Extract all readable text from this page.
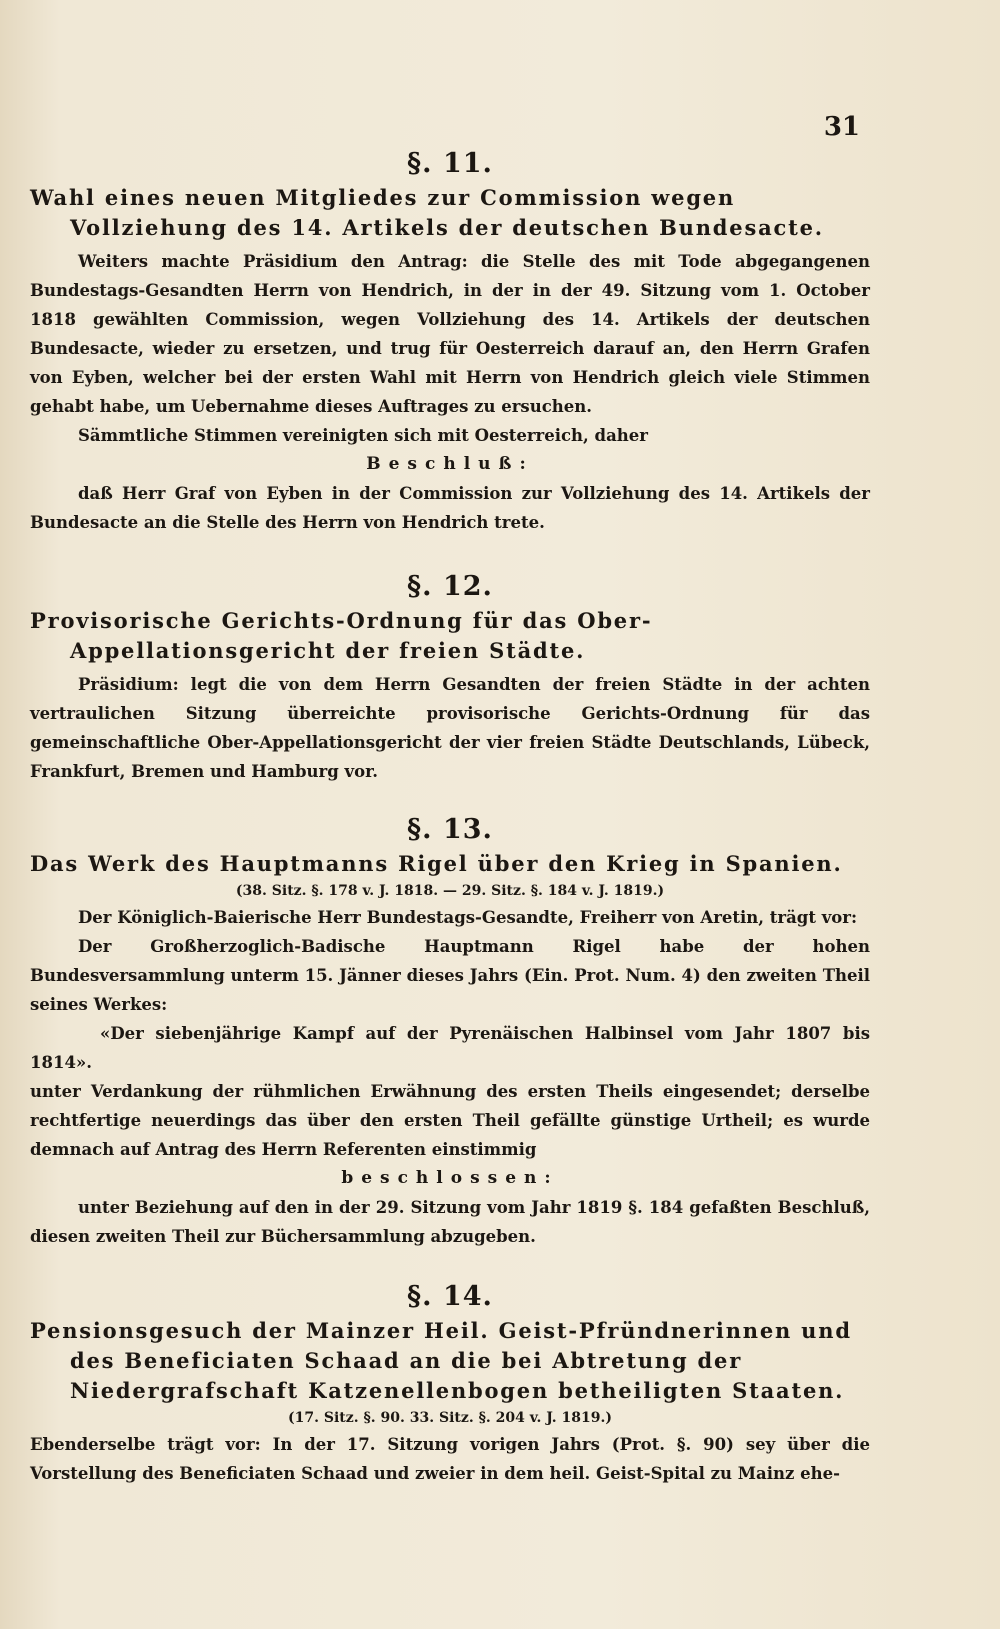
31
§. 11.
Wahl eines neuen Mitgliedes zur Commission wegen Vollziehung des 14. Artikels der deutschen Bundesacte.

Weiters machte Präsidium den Antrag: die Stelle des mit Tode abgegangenen Bundestags-Gesandten Herrn von Hendrich, in der in der 49. Sitzung vom 1. October 1818 gewählten Commission, wegen Vollziehung des 14. Artikels der deutschen Bundesacte, wieder zu ersetzen, und trug für Oesterreich darauf an, den Herrn Grafen von Eyben, welcher bei der ersten Wahl mit Herrn von Hendrich gleich viele Stimmen gehabt habe, um Uebernahme dieses Auftrages zu ersuchen.

Sämmtliche Stimmen vereinigten sich mit Oesterreich, daher

Beschluß:

daß Herr Graf von Eyben in der Commission zur Vollziehung des 14. Artikels der Bundesacte an die Stelle des Herrn von Hendrich trete.

§. 12.
Provisorische Gerichts-Ordnung für das Ober-Appellationsgericht der freien Städte.

Präsidium: legt die von dem Herrn Gesandten der freien Städte in der achten vertraulichen Sitzung überreichte provisorische Gerichts-Ordnung für das gemeinschaftliche Ober-Appellationsgericht der vier freien Städte Deutschlands, Lübeck, Frankfurt, Bremen und Hamburg vor.

§. 13.
Das Werk des Hauptmanns Rigel über den Krieg in Spanien.
(38. Sitz. §. 178 v. J. 1818. — 29. Sitz. §. 184 v. J. 1819.)

Der Königlich-Baierische Herr Bundestags-Gesandte, Freiherr von Aretin, trägt vor:

Der Großherzoglich-Badische Hauptmann Rigel habe der hohen Bundesversammlung unterm 15. Jänner dieses Jahrs (Ein. Prot. Num. 4) den zweiten Theil seines Werkes:

«Der siebenjährige Kampf auf der Pyrenäischen Halbinsel vom Jahr 1807 bis 1814».

unter Verdankung der rühmlichen Erwähnung des ersten Theils eingesendet; derselbe rechtfertige neuerdings das über den ersten Theil gefällte günstige Urtheil; es wurde demnach auf Antrag des Herrn Referenten einstimmig

beschlossen:

unter Beziehung auf den in der 29. Sitzung vom Jahr 1819 §. 184 gefaßten Beschluß, diesen zweiten Theil zur Büchersammlung abzugeben.

§. 14.
Pensionsgesuch der Mainzer Heil. Geist-Pfründnerinnen und des Beneficiaten Schaad an die bei Abtretung der Niedergrafschaft Katzenellenbogen betheiligten Staaten.
(17. Sitz. §. 90. 33. Sitz. §. 204 v. J. 1819.)

Ebenderselbe trägt vor: In der 17. Sitzung vorigen Jahrs (Prot. §. 90) sey über die Vorstellung des Beneficiaten Schaad und zweier in dem heil. Geist-Spital zu Mainz ehe-
